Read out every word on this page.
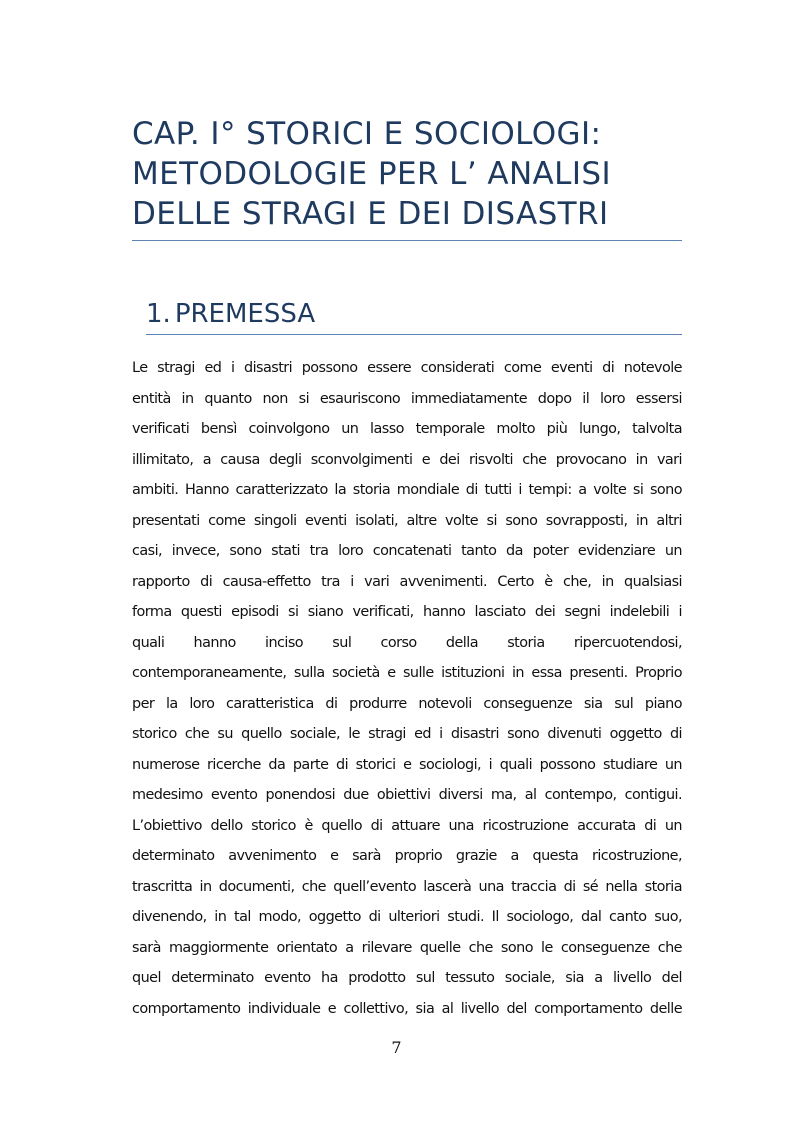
CAP. I° STORICI E SOCIOLOGI:
METODOLOGIE PER L’ ANALISI
DELLE STRAGI E DEI DISASTRI
1. PREMESSA
Le stragi ed i disastri possono essere considerati come eventi di notevole
entità in quanto non si esauriscono immediatamente dopo il loro essersi
verificati bensì coinvolgono un lasso temporale molto più lungo, talvolta
illimitato, a causa degli sconvolgimenti e dei risvolti che provocano in vari
ambiti. Hanno caratterizzato la storia mondiale di tutti i tempi: a volte si sono
presentati come singoli eventi isolati, altre volte si sono sovrapposti, in altri
casi, invece, sono stati tra loro concatenati tanto da poter evidenziare un
rapporto di causa-effetto tra i vari avvenimenti. Certo è che, in qualsiasi
forma questi episodi si siano verificati, hanno lasciato dei segni indelebili i
quali hanno inciso sul corso della storia ripercuotendosi,
contemporaneamente, sulla società e sulle istituzioni in essa presenti. Proprio
per la loro caratteristica di produrre notevoli conseguenze sia sul piano
storico che su quello sociale, le stragi ed i disastri sono divenuti oggetto di
numerose ricerche da parte di storici e sociologi, i quali possono studiare un
medesimo evento ponendosi due obiettivi diversi ma, al contempo, contigui.
L’obiettivo dello storico è quello di attuare una ricostruzione accurata di un
determinato avvenimento e sarà proprio grazie a questa ricostruzione,
trascritta in documenti, che quell’evento lascerà una traccia di sé nella storia
divenendo, in tal modo, oggetto di ulteriori studi. Il sociologo, dal canto suo,
sarà maggiormente orientato a rilevare quelle che sono le conseguenze che
quel determinato evento ha prodotto sul tessuto sociale, sia a livello del
comportamento individuale e collettivo, sia al livello del comportamento delle
7
